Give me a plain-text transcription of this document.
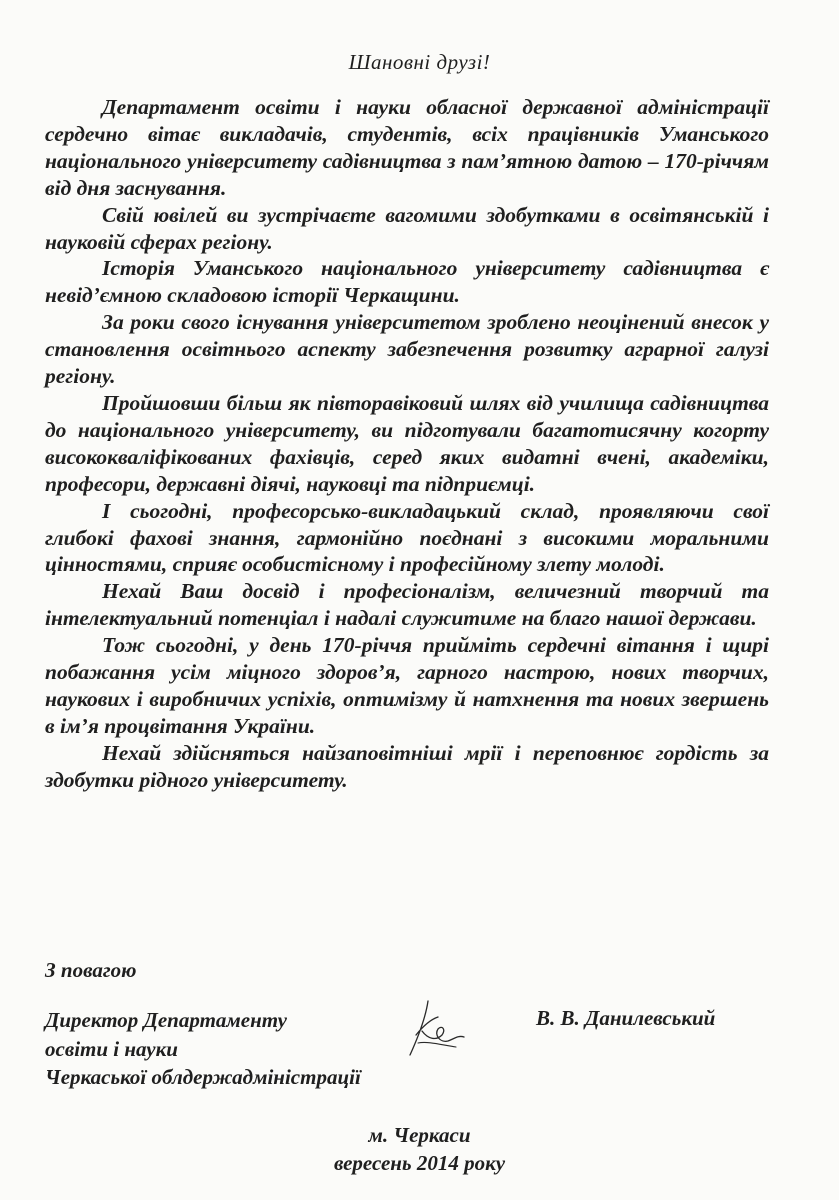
Шановні друзі!

Департамент освіти і науки обласної державної адміністрації сердечно вітає викладачів, студентів, всіх працівників Уманського національного університету садівництва з пам’ятною датою – 170-річчям від дня заснування.

Свій ювілей ви зустрічаєте вагомими здобутками в освітянській і науковій сферах регіону.

Історія Уманського національного університету садівництва є невід’ємною складовою історії Черкащини.

За роки свого існування університетом зроблено неоцінений внесок у становлення освітнього аспекту забезпечення розвитку аграрної галузі регіону.

Пройшовши більш як півторавіковий шлях від училища садівництва до національного університету, ви підготували багатотисячну когорту висококваліфікованих фахівців, серед яких видатні вчені, академіки, професори, державні діячі, науковці та підприємці.

І сьогодні, професорсько-викладацький склад, проявляючи свої глибокі фахові знання, гармонійно поєднані з високими моральними цінностями, сприяє особистісному і професійному злету молоді.

Нехай Ваш досвід і професіоналізм, величезний творчий та інтелектуальний потенціал і надалі служитиме на благо нашої держави.

Тож сьогодні, у день 170-річчя прийміть сердечні вітання і щирі побажання усім міцного здоров’я, гарного настрою, нових творчих, наукових і виробничих успіхів, оптимізму й натхнення та нових звершень в ім’я процвітання України.

Нехай здійсняться найзаповітніші мрії і переповнює гордість за здобутки рідного університету.

З повагою
Директор Департаменту
освіти і науки
Черкаської облдержадміністрації
В. В. Данилевський
м. Черкаси
вересень 2014 року
